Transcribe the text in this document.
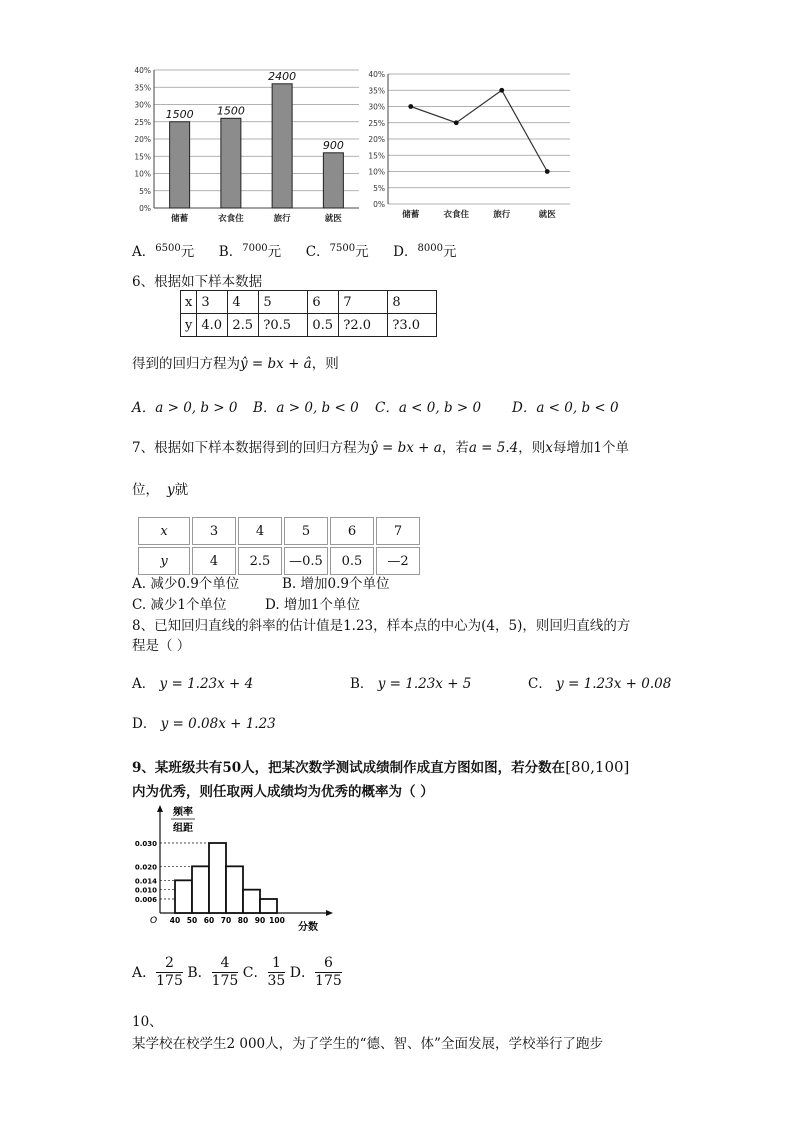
0%
5%
10%
15%
20%
25%
30%
35%
40%
1500
储蓄
1500
衣食住
2400
旅行
900
就医
0%
5%
10%
15%
20%
25%
30%
35%
40%
储蓄	衣食住	旅行	就医
A．$^{6500}$元 B．$^{7000}$元 C．$^{7500}$元 D．$^{8000}$元
6、根据如下样本数据
x	3	4	5	6	7	8
y	4.0	2.5	?0.5	0.5	?2.0	?3.0
得到的回归方程为ŷ = bx + â，则
A．a > 0, b > 0 B．a > 0, b < 0 C．a < 0, b > 0 D．a < 0, b < 0
7、根据如下样本数据得到的回归方程为ŷ = bx + a，若a = 5.4，则x每增加1个单
位， y就
x	3	4	5	6	7
y	4	2.5	—0.5	0.5	—2
A. 减少0.9个单位	B. 增加0.9个单位
C. 减少1个单位	D. 增加1个单位
8、已知回归直线的斜率的估计值是1.23，样本点的中心为(4，5)，则回归直线的方
程是（ ）
A． y = 1.23x + 4	B． y = 1.23x + 5	C． y = 1.23x + 0.08
D． y = 0.08x + 1.23
9、某班级共有50人，把某次数学测试成绩制作成直方图如图，若分数在[80,100]
内为优秀，则任取两人成绩均为优秀的概率为（ ）
频率
组距
O
分数
0.030
0.020
0.014
0.010
0.006
40 50 60 70 80 90 100
A． $\frac{2}{175}$ B． $\frac{4}{175}$ C． $\frac{1}{35}$ D． $\frac{6}{175}$
10、
某学校在校学生2 000人，为了学生的“德、智、体”全面发展，学校举行了跑步
